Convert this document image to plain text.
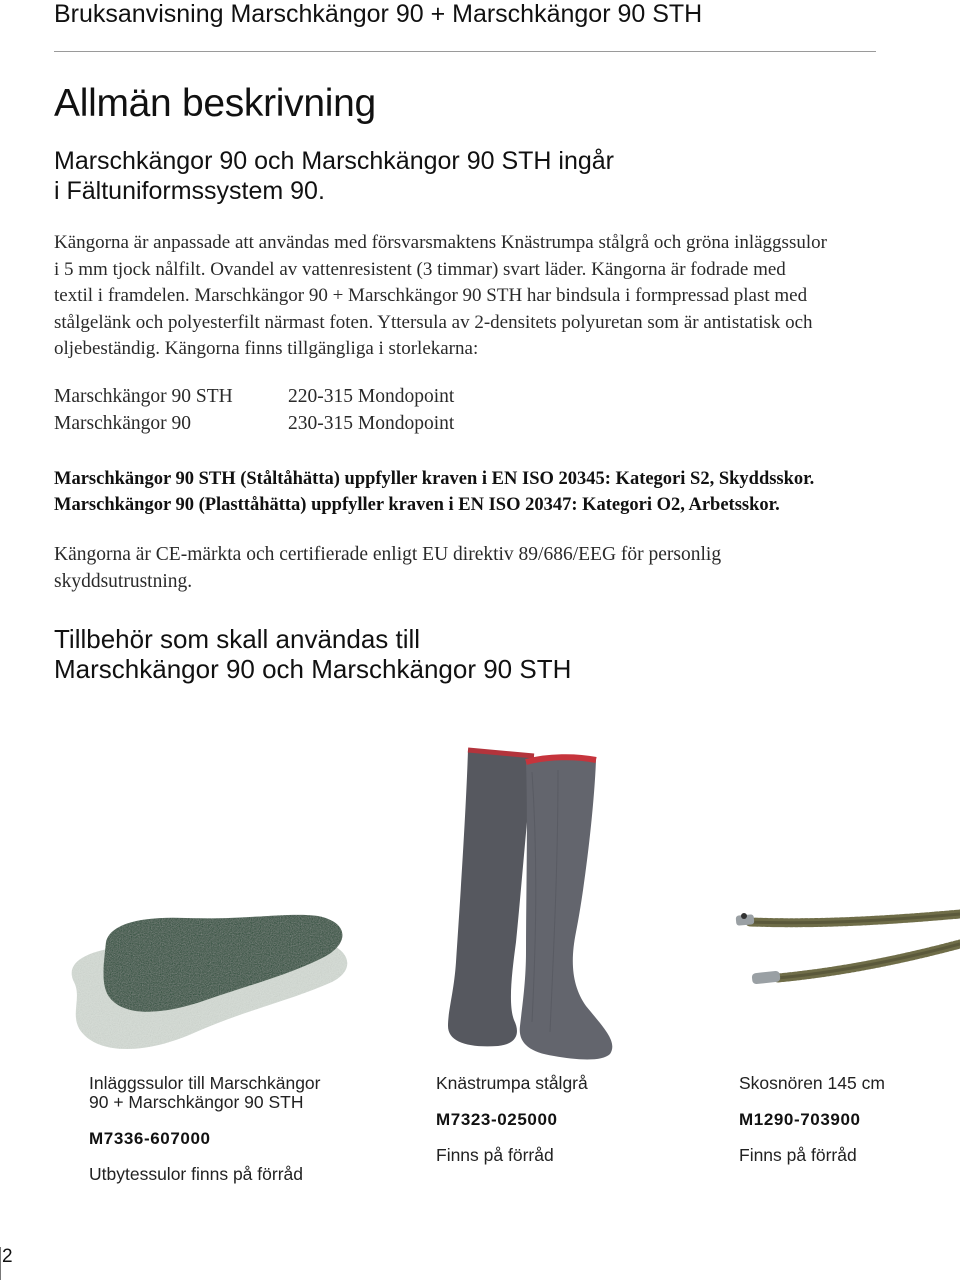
Bruksanvisning Marschkängor 90 + Marschkängor 90 STH
Allmän beskrivning
Marschkängor 90 och Marschkängor 90 STH ingår
i Fältuniformssystem 90.
Kängorna är anpassade att användas med försvarsmaktens Knästrumpa stålgrå och gröna inläggssulor
i 5 mm tjock nålfilt. Ovandel av vattenresistent (3 timmar) svart läder. Kängorna är fodrade med
textil i framdelen. Marschkängor 90 + Marschkängor 90 STH har bindsula i formpressad plast med
stålgelänk och polyesterfilt närmast foten. Yttersula av 2-densitets polyuretan som är antistatisk och
oljebeständig. Kängorna finns tillgängliga i storlekarna:
Marschkängor 90 STH	220-315 Mondopoint
Marschkängor 90	230-315 Mondopoint
Marschkängor 90 STH (Ståltåhätta) uppfyller kraven i EN ISO 20345: Kategori S2, Skyddsskor.
Marschkängor 90 (Plasttåhätta) uppfyller kraven i EN ISO 20347: Kategori O2, Arbetsskor.
Kängorna är CE-märkta och certifierade enligt EU direktiv 89/686/EEG för personlig
skyddsutrustning.
Tillbehör som skall användas till
Marschkängor 90 och Marschkängor 90 STH
Inläggssulor till Marschkängor
90 + Marschkängor 90 STH
M7336-607000
Utbytessulor finns på förråd
Knästrumpa stålgrå
M7323-025000
Finns på förråd
Skosnören 145 cm
M1290-703900
Finns på förråd
2
